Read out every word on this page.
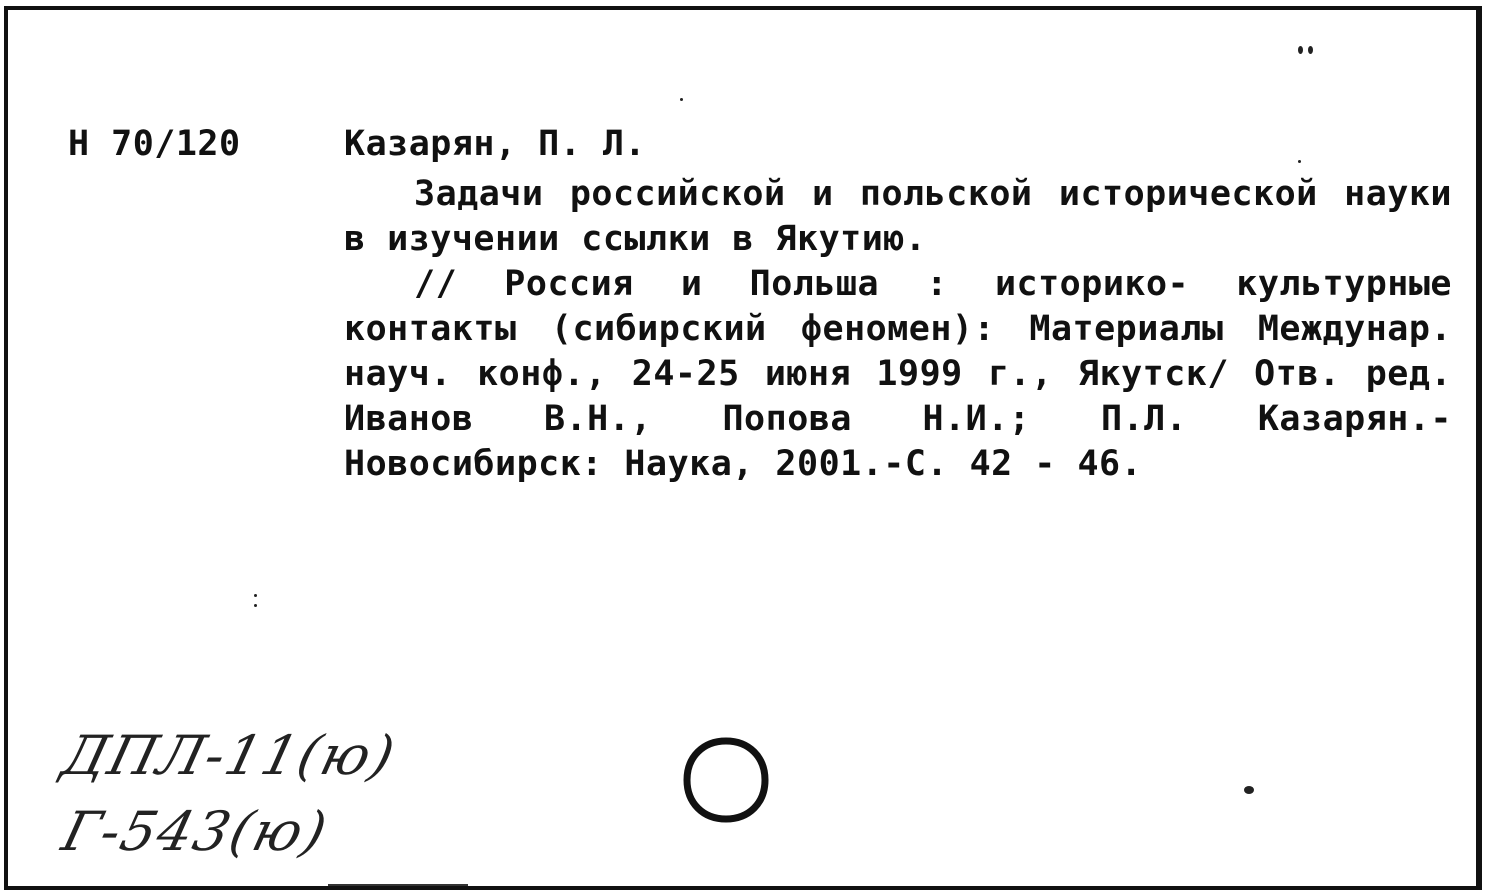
Н 70/120	Казарян, П. Л.

Задачи российской и польской исторической науки в изучении ссылки в Якутию.

// Россия и Польша : историко- культурные контакты (сибирский феномен): Материалы Междунар. науч. конф., 24-25 июня 1999 г., Якутск/ Отв. ред. Иванов В.Н., Попова Н.И.; П.Л. Казарян.- Новосибирск: Наука, 2001.-С. 42 - 46.

ДПЛ-11(ю)
Г-543(ю)
